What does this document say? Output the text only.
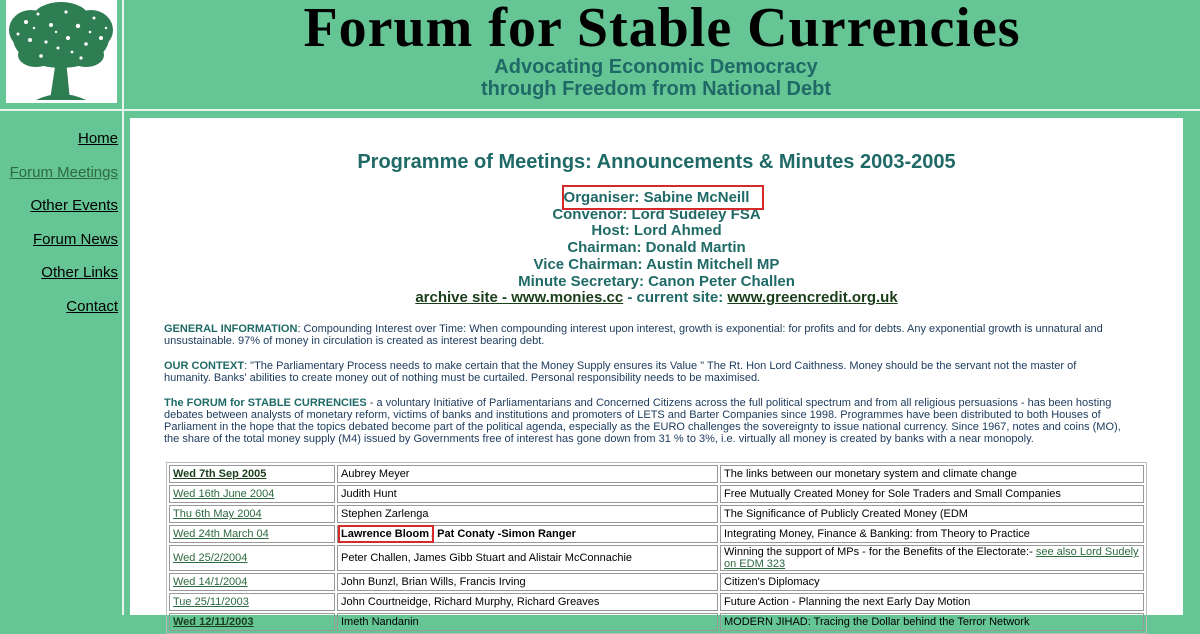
Forum for Stable Currencies
Advocating Economic Democracy
through Freedom from National Debt
Home
Forum Meetings
Other Events
Forum News
Other Links
Contact
Programme of Meetings: Announcements & Minutes 2003-2005
Organiser: Sabine McNeill
Convenor: Lord Sudeley FSA
Host: Lord Ahmed
Chairman: Donald Martin
Vice Chairman: Austin Mitchell MP
Minute Secretary: Canon Peter Challen
archive site - www.monies.cc - current site: www.greencredit.org.uk
GENERAL INFORMATION: Compounding Interest over Time: When compounding interest upon interest, growth is exponential: for profits and for debts. Any exponential growth is unnatural and unsustainable. 97% of money in circulation is created as interest bearing debt.
OUR CONTEXT: "The Parliamentary Process needs to make certain that the Money Supply ensures its Value " The Rt. Hon Lord Caithness. Money should be the servant not the master of humanity. Banks' abilities to create money out of nothing must be curtailed. Personal responsibility needs to be maximised.
The FORUM for STABLE CURRENCIES - a voluntary Initiative of Parliamentarians and Concerned Citizens across the full political spectrum and from all religious persuasions - has been hosting debates between analysts of monetary reform, victims of banks and institutions and promoters of LETS and Barter Companies since 1998. Programmes have been distributed to both Houses of Parliament in the hope that the topics debated become part of the political agenda, especially as the EURO challenges the sovereignty to issue national currency. Since 1967, notes and coins (MO), the share of the total money supply (M4) issued by Governments free of interest has gone down from 31 % to 3%, i.e. virtually all money is created by banks with a near monopoly.
Wed 7th Sep 2005	Aubrey Meyer	The links between our monetary system and climate change
Wed 16th June 2004	Judith Hunt	Free Mutually Created Money for Sole Traders and Small Companies
Thu 6th May 2004	Stephen Zarlenga	The Significance of Publicly Created Money (EDM
Wed 24th March 04	Lawrence Bloom , Pat Conaty -Simon Ranger	Integrating Money, Finance & Banking: from Theory to Practice
Wed 25/2/2004	Peter Challen, James Gibb Stuart and Alistair McConnachie	Winning the support of MPs - for the Benefits of the Electorate:- see also Lord Sudely on EDM 323
Wed 14/1/2004	John Bunzl, Brian Wills, Francis Irving	Citizen's Diplomacy
Tue 25/11/2003	John Courtneidge, Richard Murphy, Richard Greaves	Future Action - Planning the next Early Day Motion
Wed 12/11/2003	Imeth Nandanin	MODERN JIHAD: Tracing the Dollar behind the Terror Network
